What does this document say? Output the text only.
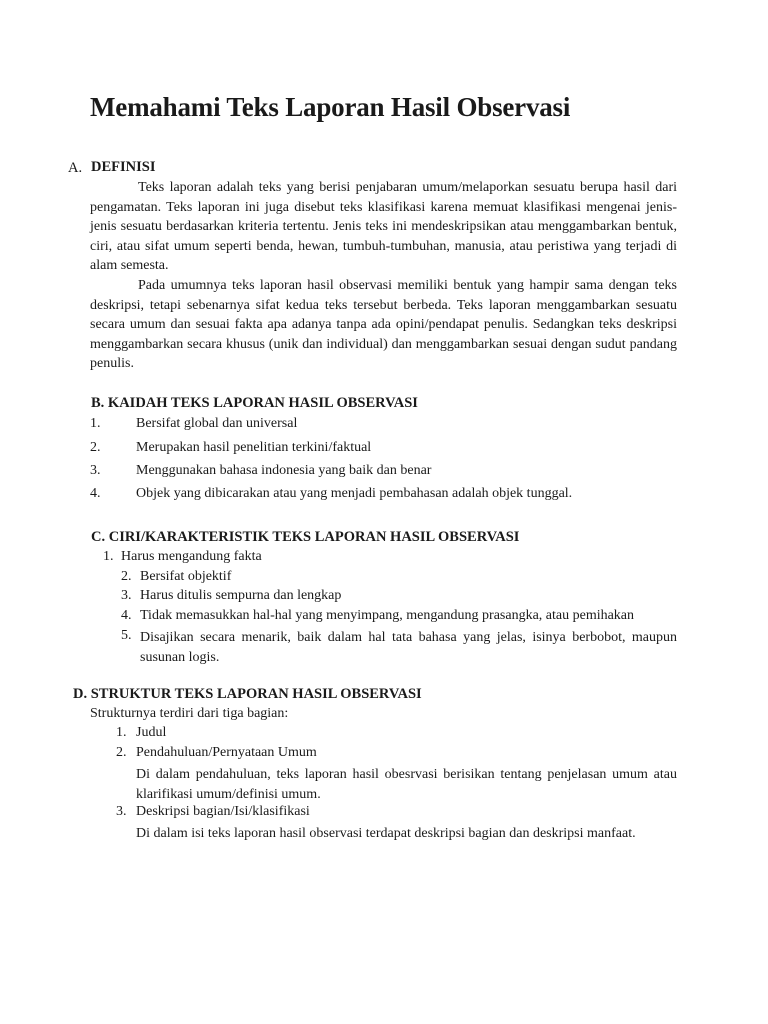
Memahami Teks Laporan Hasil Observasi
A. DEFINISI

Teks laporan adalah teks yang berisi penjabaran umum/melaporkan sesuatu berupa hasil dari pengamatan. Teks laporan ini juga disebut teks klasifikasi karena memuat klasifikasi mengenai jenis-jenis sesuatu berdasarkan kriteria tertentu. Jenis teks ini mendeskripsikan atau menggambarkan bentuk, ciri, atau sifat umum seperti benda, hewan, tumbuh-tumbuhan, manusia, atau peristiwa yang terjadi di alam semesta.

Pada umumnya teks laporan hasil observasi memiliki bentuk yang hampir sama dengan teks deskripsi, tetapi sebenarnya sifat kedua teks tersebut berbeda. Teks laporan menggambarkan sesuatu secara umum dan sesuai fakta apa adanya tanpa ada opini/pendapat penulis. Sedangkan teks deskripsi menggambarkan secara khusus (unik dan individual) dan menggambarkan sesuai dengan sudut pandang penulis.

B. KAIDAH TEKS LAPORAN HASIL OBSERVASI
1.	Bersifat global dan universal
2.	Merupakan hasil penelitian terkini/faktual
3.	Menggunakan bahasa indonesia yang baik dan benar
4.	Objek yang dibicarakan atau yang menjadi pembahasan adalah objek tunggal.
C. CIRI/KARAKTERISTIK TEKS LAPORAN HASIL OBSERVASI
1. Harus mengandung fakta
2. Bersifat objektif
3. Harus ditulis sempurna dan lengkap
4. Tidak memasukkan hal-hal yang menyimpang, mengandung prasangka, atau pemihakan
5. Disajikan secara menarik, baik dalam hal tata bahasa yang jelas, isinya berbobot, maupun susunan logis.

D. STRUKTUR TEKS LAPORAN HASIL OBSERVASI
Strukturnya terdiri dari tiga bagian:
1. Judul
2. Pendahuluan/Pernyataan Umum

Di dalam pendahuluan, teks laporan hasil obesrvasi berisikan tentang penjelasan umum atau klarifikasi umum/definisi umum.

3. Deskripsi bagian/Isi/klasifikasi

Di dalam isi teks laporan hasil observasi terdapat deskripsi bagian dan deskripsi manfaat.
